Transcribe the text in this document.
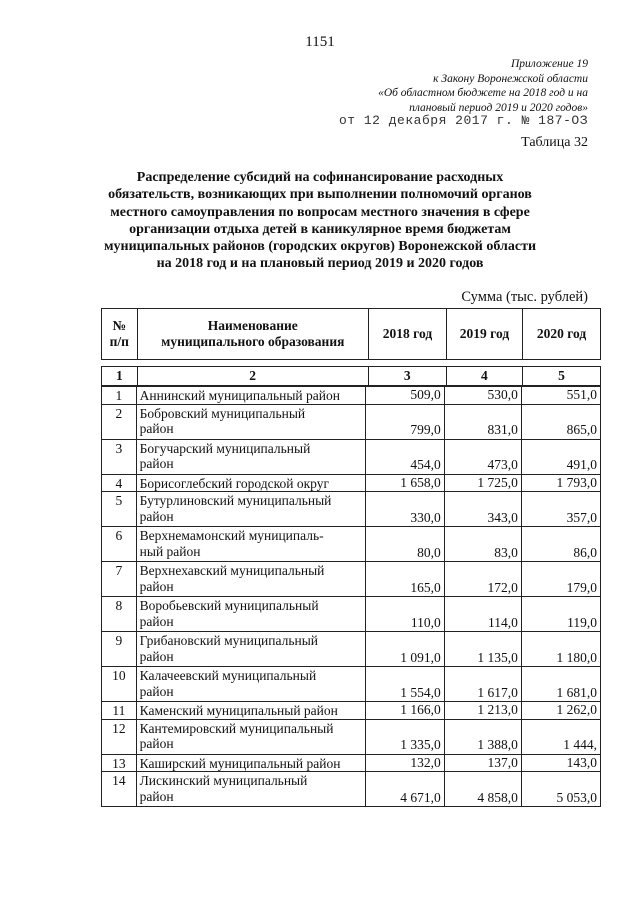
1151
Приложение 19
к Закону Воронежской области
«Об областном бюджете на 2018 год и на
плановый период 2019 и 2020 годов»
от 12 декабря 2017 г. № 187-ОЗ
Таблица 32
Распределение субсидий на софинансирование расходных
обязательств, возникающих при выполнении полномочий органов
местного самоуправления по вопросам местного значения в сфере
организации отдыха детей в каникулярное время бюджетам
муниципальных районов (городских округов) Воронежской области
на 2018 год и на плановый период 2019 и 2020 годов
Сумма (тыс. рублей)
№
п/п

Наименование
муниципального образования
	2018 год	2019 год	2020 год
1	2	3	4	5
1	Аннинский муниципальный район	509,0	530,0	551,0
2	Бобровский муниципальный
район	799,0	831,0	865,0
3	Богучарский муниципальный
район	454,0	473,0	491,0
4	Борисоглебский городской округ	1 658,0	1 725,0	1 793,0
5	Бутурлиновский муниципальный
район	330,0	343,0	357,0
6	Верхнемамонский муниципаль-
ный район	80,0	83,0	86,0
7	Верхнехавский муниципальный
район	165,0	172,0	179,0
8	Воробьевский муниципальный
район	110,0	114,0	119,0
9	Грибановский муниципальный
район	1 091,0	1 135,0	1 180,0
10	Калачеевский муниципальный
район	1 554,0	1 617,0	1 681,0
11	Каменский муниципальный район	1 166,0	1 213,0	1 262,0
12	Кантемировский муниципальный
район	1 335,0	1 388,0	1 444,
13	Каширский муниципальный район	132,0	137,0	143,0
14	Лискинский муниципальный
район	4 671,0	4 858,0	5 053,0
